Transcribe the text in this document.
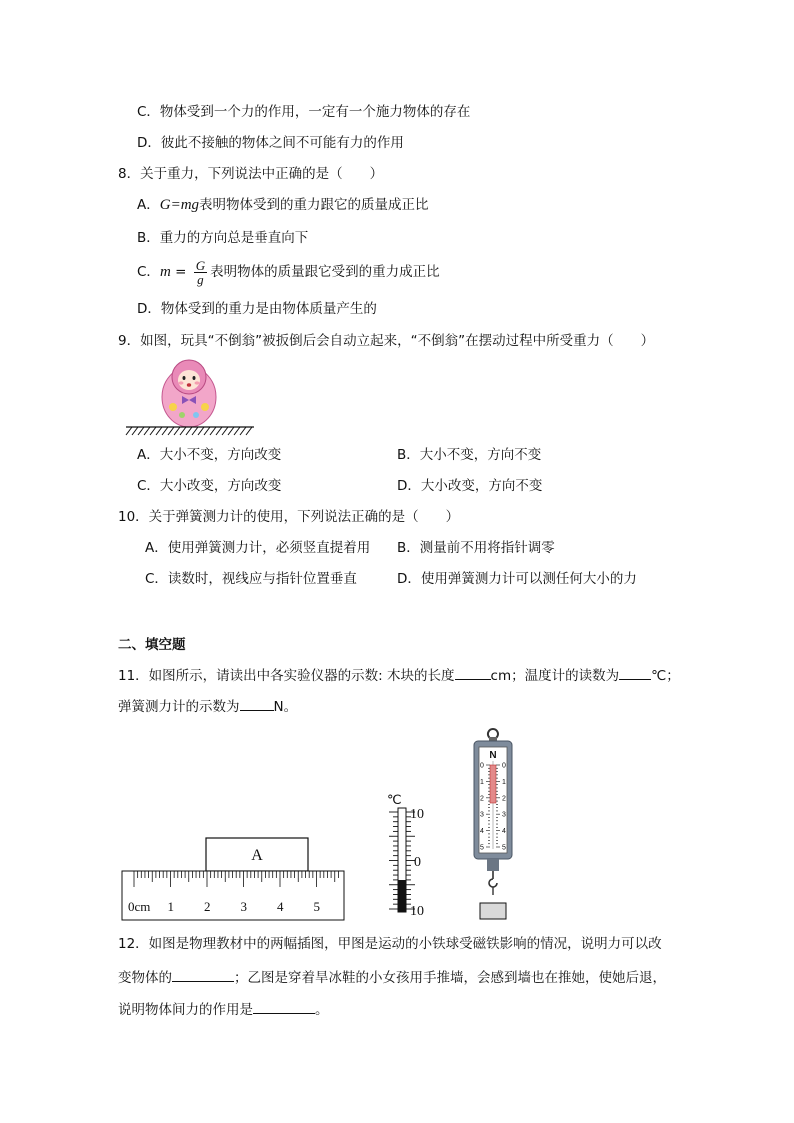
C．物体受到一个力的作用，一定有一个施力物体的存在
D．彼此不接触的物体之间不可能有力的作用
8．关于重力，下列说法中正确的是（　　）
A．G=mg表明物体受到的重力跟它的质量成正比
B．重力的方向总是垂直向下
C．$m = \frac{G}{g}$ 表明物体的质量跟它受到的重力成正比
D．物体受到的重力是由物体质量产生的
9．如图，玩具“不倒翁”被扳倒后会自动立起来，“不倒翁”在摆动过程中所受重力（　　）
A．大小不变，方向改变	B．大小不变，方向不变
C．大小改变，方向改变	D．大小改变，方向不变
10．关于弹簧测力计的使用，下列说法正确的是（　　）
A．使用弹簧测力计，必须竖直提着用 B．测量前不用将指针调零
C．读数时，视线应与指针位置垂直	D．使用弹簧测力计可以测任何大小的力
二、填空题
11．如图所示，请读出中各实验仪器的示数: 木块的长度	cm；温度计的读数为 ℃；
弹簧测力计的示数为	N。
A
0cm 1 2 3 4 5
℃
10
0
10
N
0	0
1	1
2	2
3	3
4	4
5	5
12．如图是物理教材中的两幅插图，甲图是运动的小铁球受磁铁影响的情况，说明力可以改
变物体的	；乙图是穿着旱冰鞋的小女孩用手推墙，会感到墙也在推她，使她后退，
说明物体间力的作用是	。
